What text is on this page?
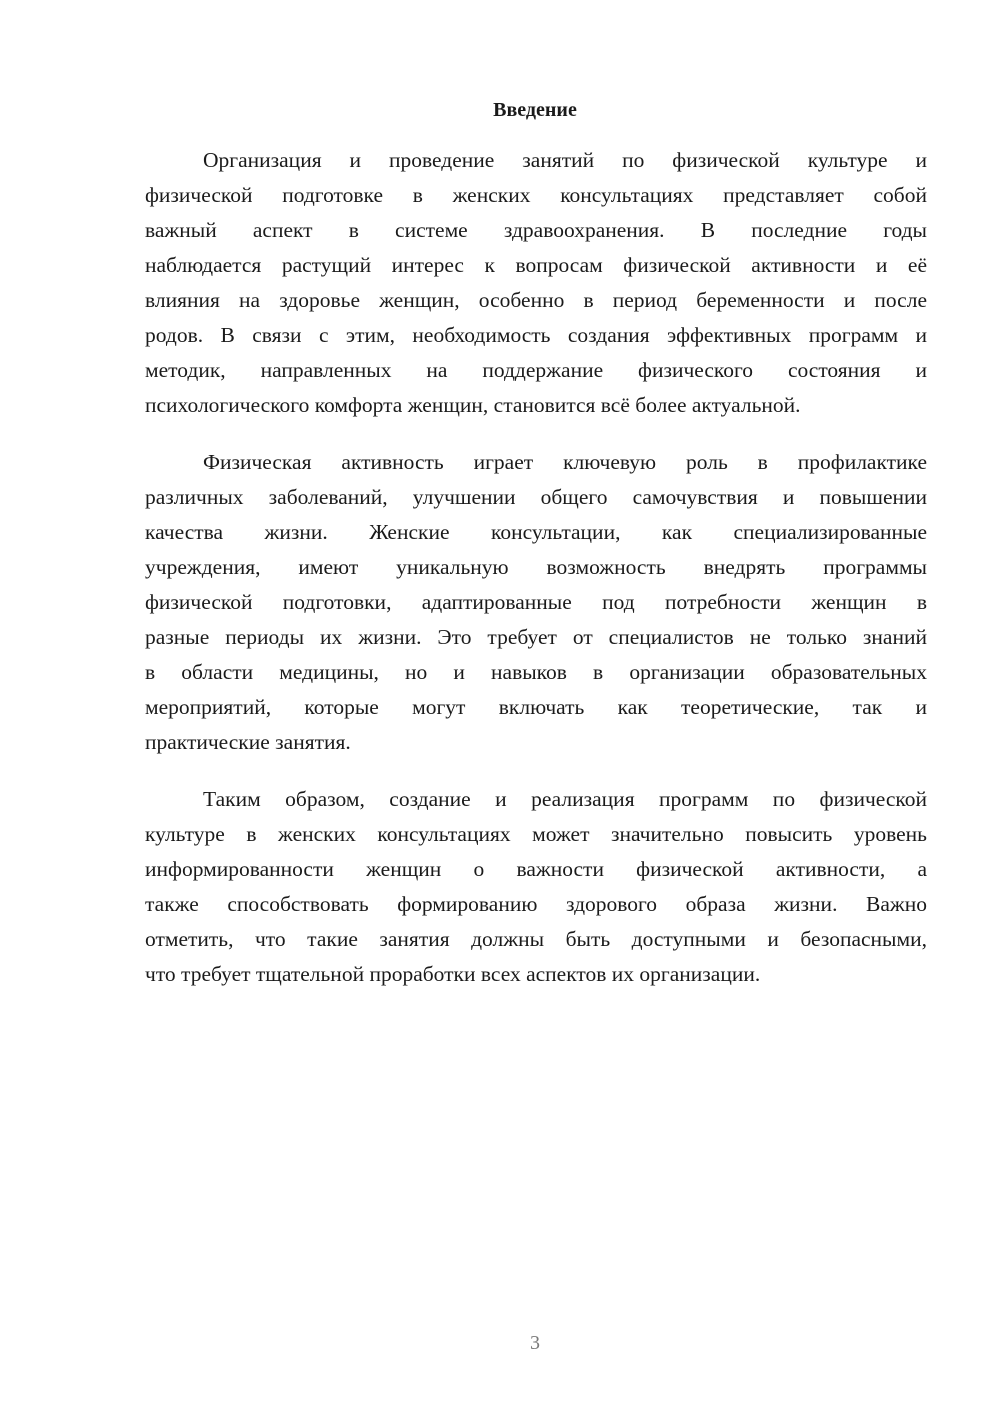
Введение
Организация и проведение занятий по физической культуре и
физической подготовке в женских консультациях представляет собой
важный аспект в системе здравоохранения. В последние годы
наблюдается растущий интерес к вопросам физической активности и её
влияния на здоровье женщин, особенно в период беременности и после
родов. В связи с этим, необходимость создания эффективных программ и
методик, направленных на поддержание физического состояния и
психологического комфорта женщин, становится всё более актуальной.
Физическая активность играет ключевую роль в профилактике
различных заболеваний, улучшении общего самочувствия и повышении
качества жизни. Женские консультации, как специализированные
учреждения, имеют уникальную возможность внедрять программы
физической подготовки, адаптированные под потребности женщин в
разные периоды их жизни. Это требует от специалистов не только знаний
в области медицины, но и навыков в организации образовательных
мероприятий, которые могут включать как теоретические, так и
практические занятия.
Таким образом, создание и реализация программ по физической
культуре в женских консультациях может значительно повысить уровень
информированности женщин о важности физической активности, а
также способствовать формированию здорового образа жизни. Важно
отметить, что такие занятия должны быть доступными и безопасными,
что требует тщательной проработки всех аспектов их организации.
3
